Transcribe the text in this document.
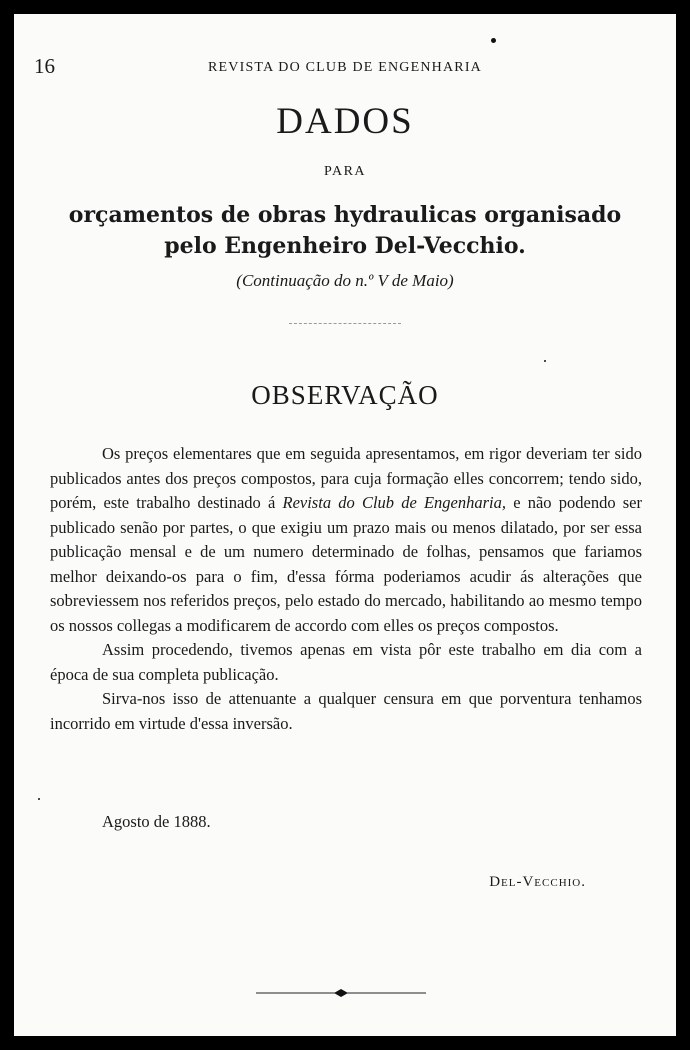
16	REVISTA DO CLUB DE ENGENHARIA
DADOS
PARA
orçamentos de obras hydraulicas organisado
pelo Engenheiro Del-Vecchio.
(Continuação do n.º V de Maio)
OBSERVAÇÃO

Os preços elementares que em seguida apresentamos, em rigor deveriam ter sido publicados antes dos preços compostos, para cuja formação elles concorrem; tendo sido, porém, este trabalho destinado á Revista do Club de Engenharia, e não podendo ser publicado senão por partes, o que exigiu um prazo mais ou menos dilatado, por ser essa publicação mensal e de um numero determinado de folhas, pensamos que fariamos melhor deixando-os para o fim, d'essa fórma poderiamos acudir ás alterações que sobreviessem nos referidos preços, pelo estado do mercado, habilitando ao mesmo tempo os nossos collegas a modificarem de accordo com elles os preços compostos.

Assim procedendo, tivemos apenas em vista pôr este trabalho em dia com a época de sua completa publicação.

Sirva-nos isso de attenuante a qualquer censura em que porventura tenhamos incorrido em virtude d'essa inversão.

Agosto de 1888.
Del-Vecchio.
